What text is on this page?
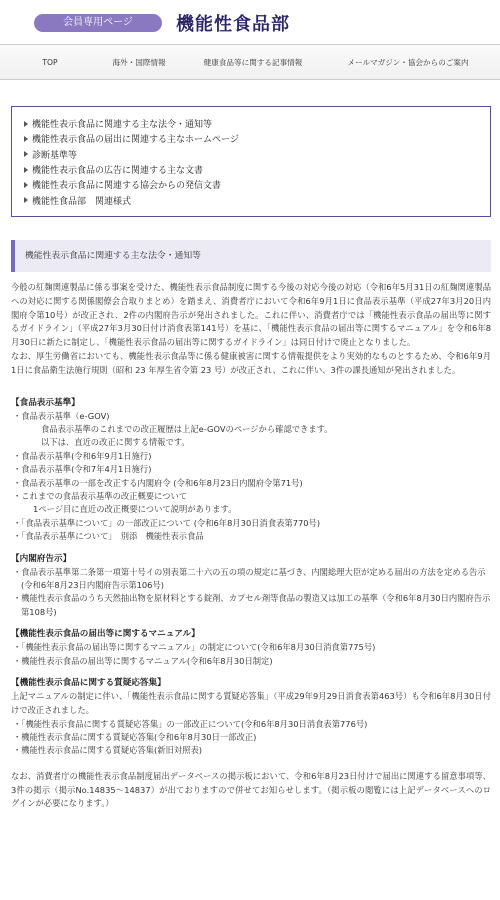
会員専用ページ	機能性食品部
TOP	海外・国際情報	健康食品等に関する記事情報	メールマガジン・協会からのご案内
機能性表示食品に関連する主な法令・通知等
機能性表示食品の届出に関連する主なホームページ
診断基準等
機能性表示食品の広告に関連する主な文書
機能性表示食品に関連する協会からの発信文書
機能性食品部　関連様式
機能性表示食品に関連する主な法令・通知等

今般の紅麹関連製品に係る事案を受けた、機能性表示食品制度に関する今後の対応今後の対応（令和6年5月31日の紅麹関連製品への対応に関する関係閣僚会合取りまとめ）を踏まえ、消費者庁において令和6年9月1日に食品表示基準（平成27年3月20日内閣府令第10号）が改正され、2件の内閣府告示が発出されました。これに伴い、消費者庁では「機能性表示食品の届出等に関するガイドライン」（平成27年3月30日付け消食表第141号）を基に、「機能性表示食品の届出等に関するマニュアル」を令和6年8月30日に新たに制定し、「機能性表示食品の届出等に関するガイドライン」は同日付けで廃止となりました。

なお、厚生労働省においても、機能性表示食品等に係る健康被害に関する情報提供をより実効的なものとするため、令和6年9月1日に食品衛生法施行規則（昭和 23 年厚生省令第 23 号）が改正され、これに伴い、3件の課長通知が発出されました。

【食品表示基準】
・食品表示基準（e-GOV)
食品表示基準のこれまでの改正履歴は上記e-GOVのページから確認できます。
以下は、直近の改正に関する情報です。
・食品表示基準(令和6年9月1日施行)
・食品表示基準(令和7年4月1日施行)
・食品表示基準の一部を改正する内閣府令 (令和6年8月23日内閣府令第71号)
・これまでの食品表示基準の改正概要について
1ページ目に直近の改正概要について説明があります。
・「食品表示基準について」の一部改正について (令和6年8月30日消食表第770号)
・「食品表示基準について」　別添　機能性表示食品
【内閣府告示】
・食品表示基準第二条第一項第十号イの別表第二十六の五の項の規定に基づき、内閣総理大臣が定める届出の方法を定める告示(令和6年8月23日内閣府告示第106号)
・機能性表示食品のうち天然抽出物を原材料とする錠剤、カプセル剤等食品の製造又は加工の基準（令和6年8月30日内閣府告示第108号)
【機能性表示食品の届出等に関するマニュアル】
・「機能性表示食品の届出等に関するマニュアル」の制定について(令和6年8月30日消食第775号)
・機能性表示食品の届出等に関するマニュアル(令和6年8月30日制定)
【機能性表示食品に関する質疑応答集】

上記マニュアルの制定に伴い、「機能性表示食品に関する質疑応答集」（平成29年9月29日消食表第463号）も令和6年8月30日付けで改正されました。

・「機能性表示食品に関する質疑応答集」の一部改正について(令和6年8月30日消食表第776号)
・機能性表示食品に関する質疑応答集(令和6年8月30日一部改正)
・機能性表示食品に関する質疑応答集(新旧対照表)

なお、消費者庁の機能性表示食品制度届出データベースの掲示板において、令和6年8月23日付けで届出に関連する留意事項等、3件の掲示（掲示No.14835〜14837）が出ておりますので併せてお知らせします。（掲示板の閲覧には上記データベースへのログインが必要になります。）
